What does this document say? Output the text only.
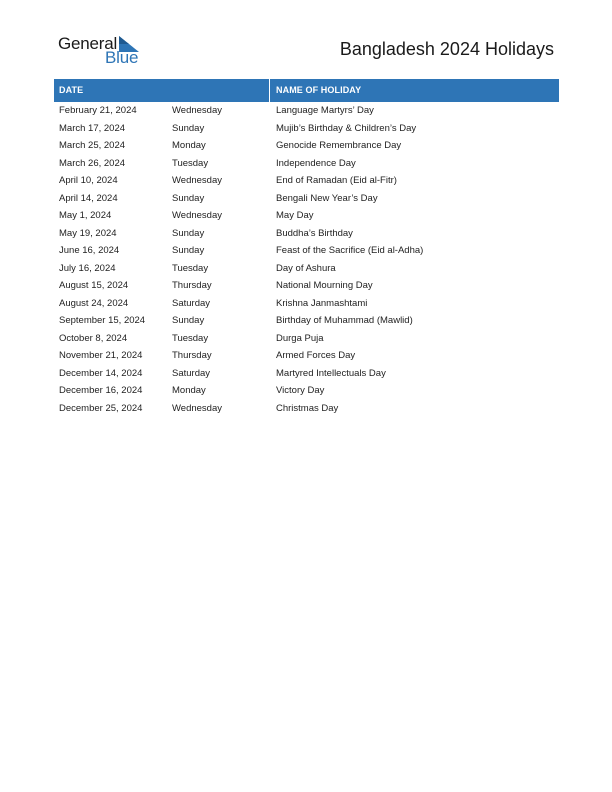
General
Blue	Bangladesh 2024 Holidays
DATE	NAME OF HOLIDAY
February 21, 2024	Wednesday	Language Martyrs’ Day
March 17, 2024	Sunday	Mujib’s Birthday & Children’s Day
March 25, 2024	Monday	Genocide Remembrance Day
March 26, 2024	Tuesday	Independence Day
April 10, 2024	Wednesday	End of Ramadan (Eid al-Fitr)
April 14, 2024	Sunday	Bengali New Year’s Day
May 1, 2024	Wednesday	May Day
May 19, 2024	Sunday	Buddha’s Birthday
June 16, 2024	Sunday	Feast of the Sacrifice (Eid al-Adha)
July 16, 2024	Tuesday	Day of Ashura
August 15, 2024	Thursday	National Mourning Day
August 24, 2024	Saturday	Krishna Janmashtami
September 15, 2024	Sunday	Birthday of Muhammad (Mawlid)
October 8, 2024	Tuesday	Durga Puja
November 21, 2024	Thursday	Armed Forces Day
December 14, 2024	Saturday	Martyred Intellectuals Day
December 16, 2024	Monday	Victory Day
December 25, 2024	Wednesday	Christmas Day
